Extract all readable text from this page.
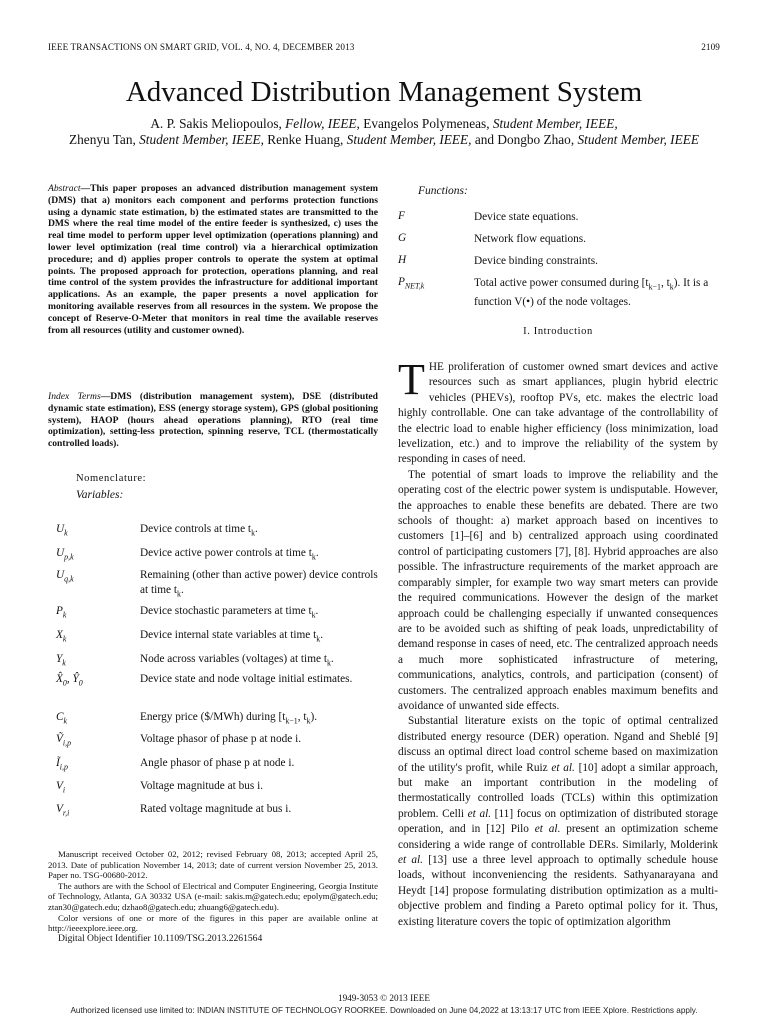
IEEE TRANSACTIONS ON SMART GRID, VOL. 4, NO. 4, DECEMBER 2013	2109
Advanced Distribution Management System
A. P. Sakis Meliopoulos, Fellow, IEEE, Evangelos Polymeneas, Student Member, IEEE,
Zhenyu Tan, Student Member, IEEE, Renke Huang, Student Member, IEEE, and Dongbo Zhao, Student Member, IEEE
Abstract—This paper proposes an advanced distribution management system (DMS) that a) monitors each component and performs protection functions using a dynamic state estimation, b) the estimated states are transmitted to the DMS where the real time model of the entire feeder is synthesized, c) uses the real time model to perform upper level optimization (operations planning) and lower level optimization (real time control) via a hierarchical optimization procedure; and d) applies proper controls to operate the system at optimal points. The proposed approach for protection, operations planning, and real time control of the system provides the infrastructure for additional important applications. As an example, the paper presents a novel application for monitoring available reserves from all resources in the system. We propose the concept of Reserve-O-Meter that monitors in real time the available reserves from all resources (utility and customer owned).
Index Terms—DMS (distribution management system), DSE (distributed dynamic state estimation), ESS (energy storage system), GPS (global positioning system), HAOP (hours ahead operations planning), RTO (real time optimization), setting-less protection, spinning reserve, TCL (thermostatically controlled loads).
Nomenclature:
Variables:
$U_k$	Device controls at time $t_k$.
$U_{p,k}$	Device active power controls at time $t_k$.
$U_{q,k}$	Remaining (other than active power) device controls at time $t_k$.
$P_k$	Device stochastic parameters at time $t_k$.
$X_k$	Device internal state variables at time $t_k$.
$Y_k$	Node across variables (voltages) at time $t_k$.
$X̂_0$, $Ŷ_0$	Device state and node voltage initial estimates.
$C_k$	Energy price ($/MWh) during [$t_{k-1}$, $t_k$).
Ṽ$_{i,p}$	Voltage phasor of phase p at node i.
$Ĩ_{i,p}$	Angle phasor of phase p at node i.
$V_i$	Voltage magnitude at bus i.
$V_{r,i}$	Rated voltage magnitude at bus i.

Manuscript received October 02, 2012; revised February 08, 2013; accepted April 25, 2013. Date of publication November 14, 2013; date of current version November 25, 2013. Paper no. TSG-00680-2012.

The authors are with the School of Electrical and Computer Engineering, Georgia Institute of Technology, Atlanta, GA 30332 USA (e-mail: sakis.m@gatech.edu; epolym@gatech.edu; ztan30@gatech.edu; dzhao8@gatech.edu; zhuang6@gatech.edu).

Color versions of one or more of the figures in this paper are available online at http://ieeexplore.ieee.org.

Digital Object Identifier 10.1109/TSG.2013.2261564

Functions:
F	Device state equations.
G	Network flow equations.
H	Device binding constraints.
$P_{NET,k}$	Total active power consumed during [$t_{k-1}$, $t_k$). It is a function V(•) of the node voltages.
I. Introduction

THE proliferation of customer owned smart devices and active resources such as smart appliances, plugin hybrid electric vehicles (PHEVs), rooftop PVs, etc. makes the electric load highly controllable. One can take advantage of the controllability of the electric load to enable higher efficiency (loss minimization, load levelization, etc.) and to improve the reliability of the system by responding in cases of need.

The potential of smart loads to improve the reliability and the operating cost of the electric power system is undisputable. However, the approaches to enable these benefits are debated. There are two schools of thought: a) market approach based on incentives to customers [1]–[6] and b) centralized approach using coordinated control of participating customers [7], [8]. Hybrid approaches are also possible. The infrastructure requirements of the market approach are comparably simpler, for example two way smart meters can provide the required communications. However the design of the market approach could be challenging especially if unwanted consequences are to be avoided such as shifting of peak loads, unpredictability of demand response in cases of need, etc. The centralized approach needs a much more sophisticated infrastructure of metering, communications, analytics, controls, and participation (consent) of customers. The centralized approach enables maximum benefits and avoidance of unwanted side effects.

Substantial literature exists on the topic of optimal centralized distributed energy resource (DER) operation. Ngand and Sheblé [9] discuss an optimal direct load control scheme based on maximization of the utility's profit, while Ruiz et al. [10] adopt a similar approach, but make an important contribution in the modeling of thermostatically controlled loads (TCLs) within this optimization problem. Celli et al. [11] focus on optimization of distributed storage operation, and in [12] Pilo et al. present an optimization scheme considering a wide range of controllable DERs. Similarly, Molderink et al. [13] use a three level approach to optimally schedule house loads, without inconveniencing the residents. Sathyanarayana and Heydt [14] propose formulating distribution optimization as a multi-objective problem and finding a Pareto optimal policy for it. Thus, existing literature covers the topic of optimization algorithm

1949-3053 © 2013 IEEE
Authorized licensed use limited to: INDIAN INSTITUTE OF TECHNOLOGY ROORKEE. Downloaded on June 04,2022 at 13:13:17 UTC from IEEE Xplore. Restrictions apply.
